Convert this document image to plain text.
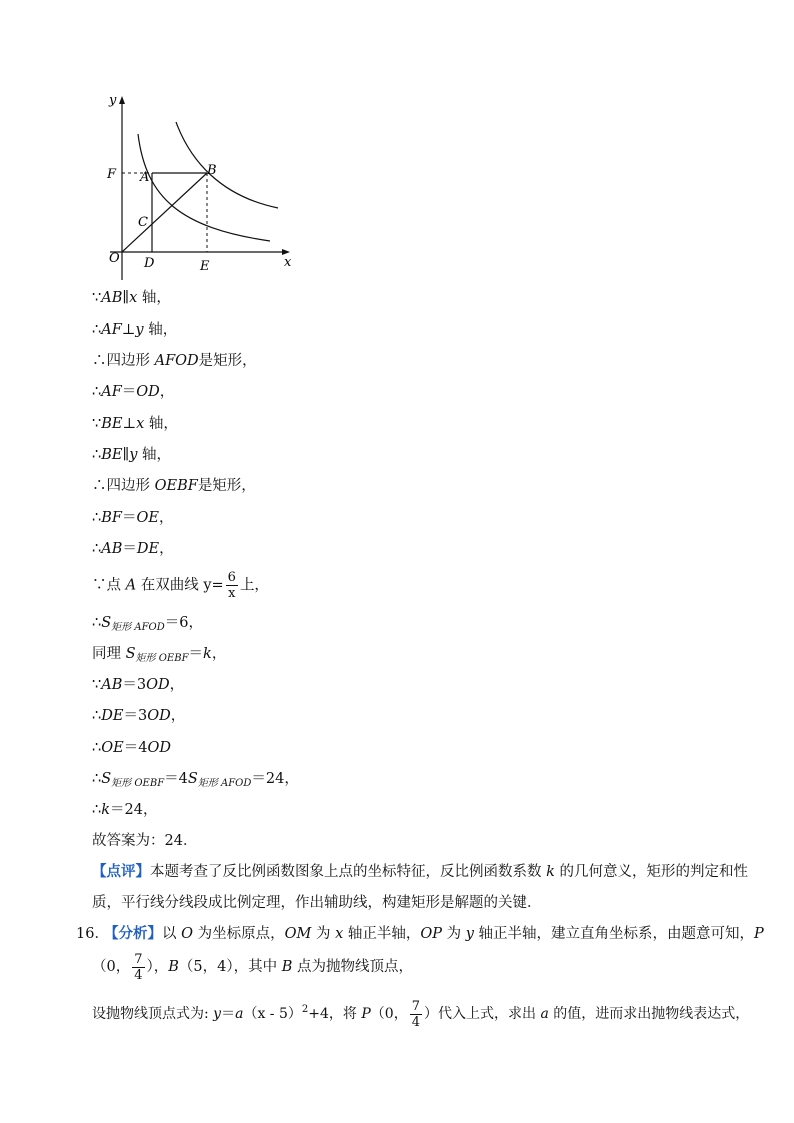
y
x
O
F A	B
C
D	E
∵AB∥x 轴，
∴AF⊥y 轴，
∴四边形 AFOD是矩形，
∴AF＝OD，
∵BE⊥x 轴，
∴BE∥y 轴，
∴四边形 OEBF是矩形，
∴BF＝OE，
∴AB＝DE，
∵点 A 在双曲线 $y= \frac{6}{x}$ 上，
$\therefore S_{矩形 AFOD}=6$，
同理 $S_{矩形 OEBF}=k$，
∵AB＝3OD，
∴DE＝3OD，
∴OE＝4OD
$\therefore S_{矩形 OEBF}=4S_{矩形 AFOD}=24$，
∴k＝24，
故答案为：24．
【点评】本题考查了反比例函数图象上点的坐标特征，反比例函数系数 k 的几何意义，矩形的判定和性
质，平行线分线段成比例定理，作出辅助线，构建矩形是解题的关键．
16．
【分析】以 O 为坐标原点，OM 为 x 轴正半轴，OP 为 y 轴正半轴，建立直角坐标系，由题意可知，P
（0， $\frac{7}{4}$ ），B（5，4），其中 B 点为抛物线顶点，
设抛物线顶点式为: y＝a（x - 5）$^2$+4，将 P（0， $\frac{7}{4}$ ）代入上式，求出 a 的值，进而求出抛物线表达式，
